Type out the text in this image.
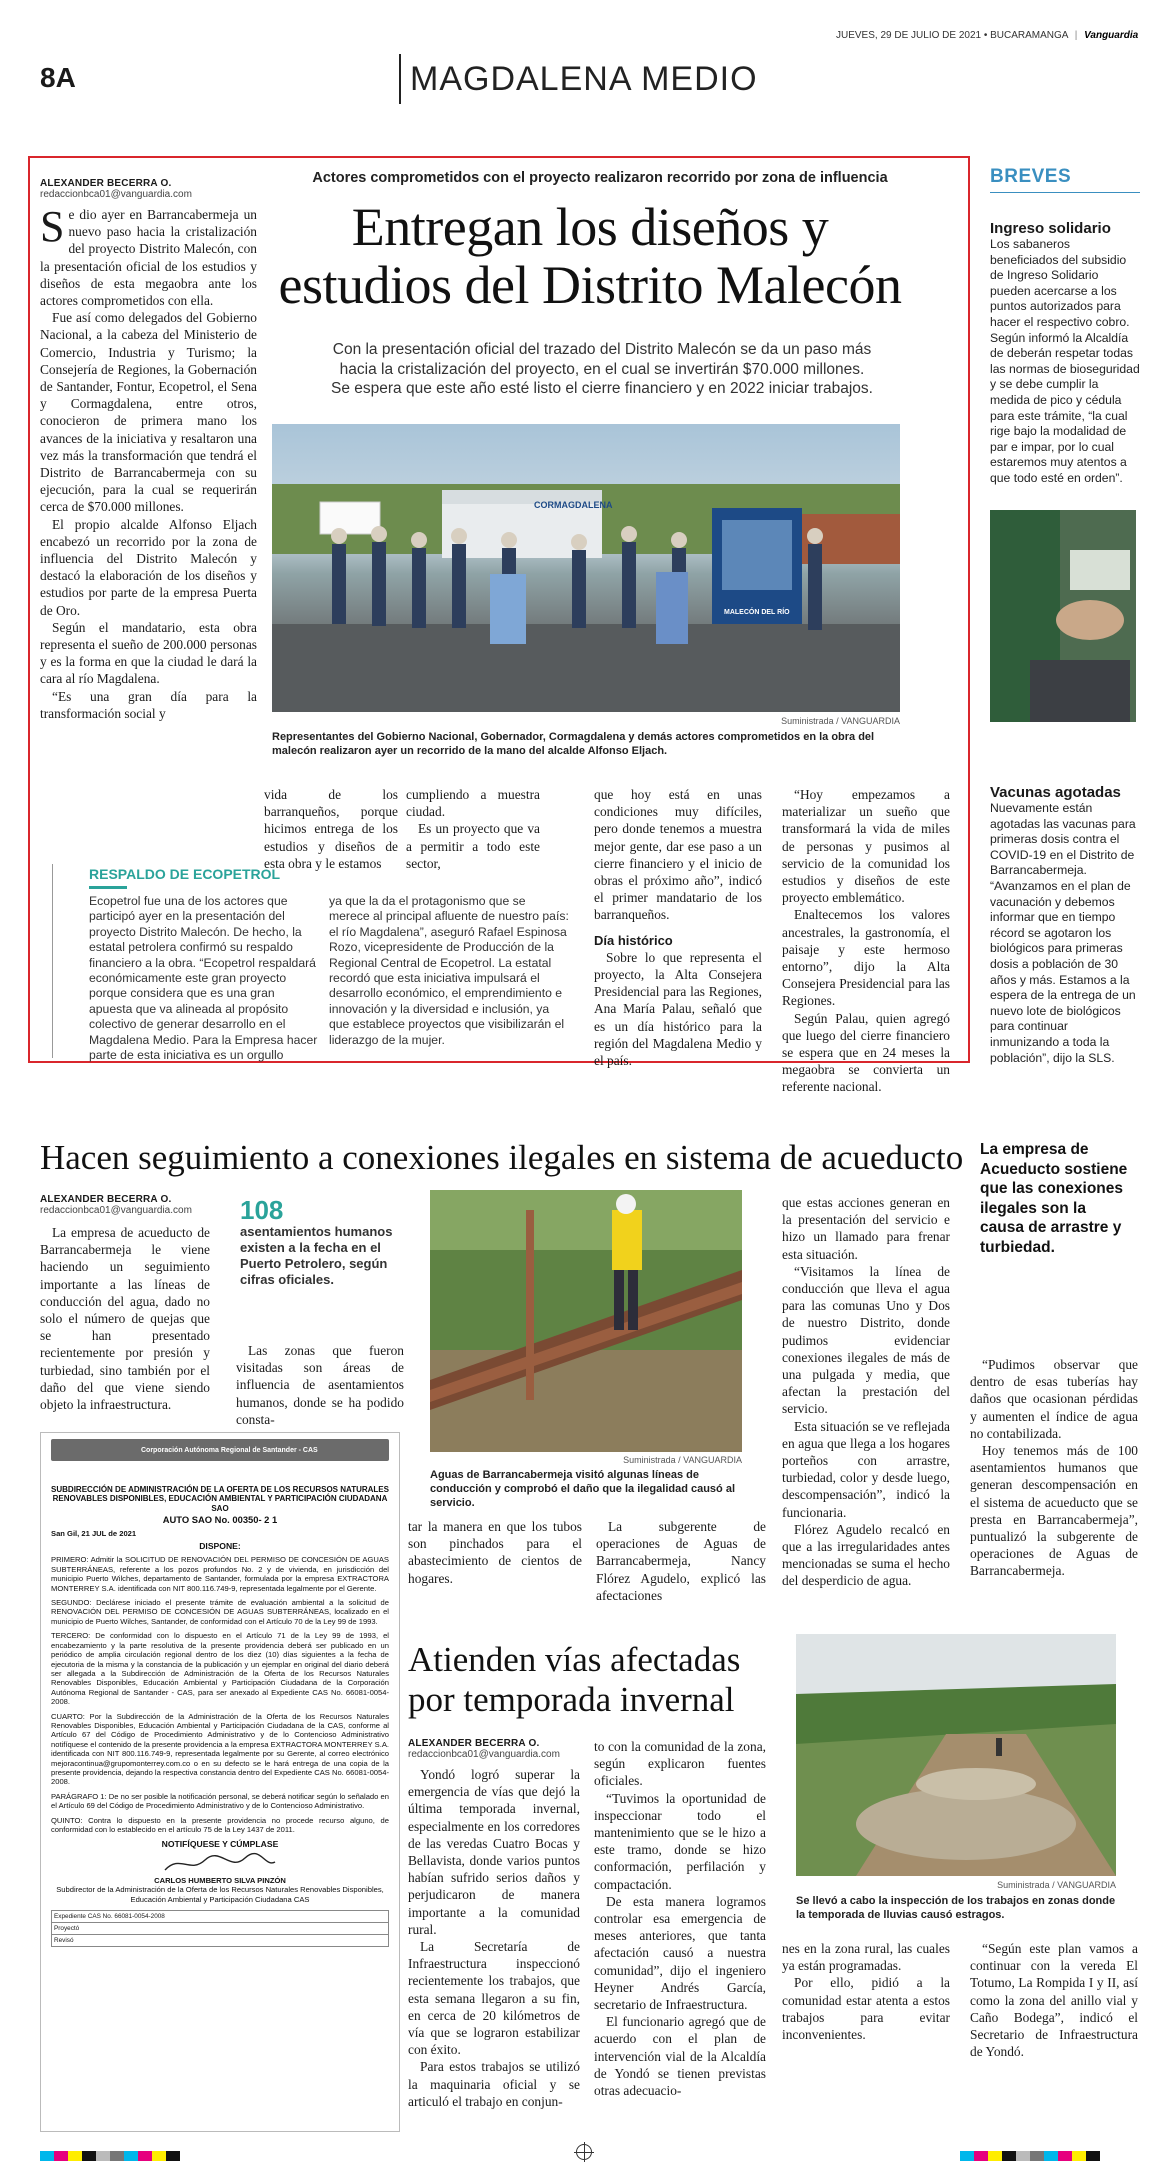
JUEVES, 29 DE JULIO DE 2021 • BUCARAMANGA | Vanguardia
8A	MAGDALENA MEDIO
ALEXANDER BECERRA O.
redaccionbca01@vanguardia.com
Actores comprometidos con el proyecto realizaron recorrido por zona de influencia
Entregan los diseños y
estudios del Distrito Malecón
Con la presentación oficial del trazado del Distrito Malecón se da un paso más
hacia la cristalización del proyecto, en el cual se invertirán $70.000 millones.
Se espera que este año esté listo el cierre financiero y en 2022 iniciar trabajos.
CORMAGDALENA
MALECÓN DEL RÍO
Suministrada / VANGUARDIA
Representantes del Gobierno Nacional, Gobernador, Cormagdalena y demás actores comprometidos en la obra del malecón realizaron ayer un recorrido de la mano del alcalde Alfonso Eljach.

Se dio ayer en Barrancabermeja un nuevo paso hacia la cristalización del proyecto Distrito Malecón, con la presentación oficial de los estudios y diseños de esta megaobra ante los actores comprometidos con ella.

Fue así como delegados del Gobierno Nacional, a la cabeza del Ministerio de Comercio, Industria y Turismo; la Consejería de Regiones, la Gobernación de Santander, Fontur, Ecopetrol, el Sena y Cormagdalena, entre otros, conocieron de primera mano los avances de la iniciativa y resaltaron una vez más la transformación que tendrá el Distrito de Barrancabermeja con su ejecución, para la cual se requerirán cerca de $70.000 millones.

El propio alcalde Alfonso Eljach encabezó un recorrido por la zona de influencia del Distrito Malecón y destacó la elaboración de los diseños y estudios por parte de la empresa Puerta de Oro.

Según el mandatario, esta obra representa el sueño de 200.000 personas y es la forma en que la ciudad le dará la cara al río Magdalena.

“Es una gran día para la transformación social y

vida de los barranqueños, porque hicimos entrega de los estudios y diseños de esta obra y le estamos

cumpliendo a muestra ciudad.

Es un proyecto que va a permitir a todo este sector,

que hoy está en unas condiciones muy difíciles, pero donde tenemos a muestra mejor gente, dar ese paso a un cierre financiero y el inicio de obras el próximo año”, indicó el primer mandatario de los barranqueños.

Día histórico

Sobre lo que representa el proyecto, la Alta Consejera Presidencial para las Regiones, Ana María Palau, señaló que es un día histórico para la región del Magdalena Medio y el país.

“Hoy empezamos a materializar un sueño que transformará la vida de miles de personas y pusimos al servicio de la comunidad los estudios y diseños de este proyecto emblemático.

Enaltecemos los valores ancestrales, la gastronomía, el paisaje y este hermoso entorno”, dijo la Alta Consejera Presidencial para las Regiones.

Según Palau, quien agregó que luego del cierre financiero se espera que en 24 meses la megaobra se convierta un referente nacional.

RESPALDO DE ECOPETROL
Ecopetrol fue una de los actores que participó ayer en la presentación del proyecto Distrito Malecón. De hecho, la estatal petrolera confirmó su respaldo financiero a la obra. “Ecopetrol respaldará económicamente este gran proyecto porque considera que es una gran apuesta que va alineada al propósito colectivo de generar desarrollo en el Magdalena Medio. Para la Empresa hacer parte de esta iniciativa es un orgullo
ya que la da el protagonismo que se merece al principal afluente de nuestro país: el río Magdalena”, aseguró Rafael Espinosa Rozo, vicepresidente de Producción de la Regional Central de Ecopetrol. La estatal recordó que esta iniciativa impulsará el desarrollo económico, el emprendimiento e innovación y la diversidad e inclusión, ya que establece proyectos que visibilizarán el liderazgo de la mujer.
BREVES
Ingreso solidario
Los sabaneros beneficiados del subsidio de Ingreso Solidario pueden acercarse a los puntos autorizados para hacer el respectivo cobro. Según informó la Alcaldía de deberán respetar todas las normas de bioseguridad y se debe cumplir la medida de pico y cédula para este trámite, “la cual rige bajo la modalidad de par e impar, por lo cual estaremos muy atentos a que todo esté en orden”.
Vacunas agotadas
Nuevamente están agotadas las vacunas para primeras dosis contra el COVID-19 en el Distrito de Barrancabermeja. “Avanzamos en el plan de vacunación y debemos informar que en tiempo récord se agotaron los biológicos para primeras dosis a población de 30 años y más. Estamos a la espera de la entrega de un nuevo lote de biológicos para continuar inmunizando a toda la población”, dijo la SLS.
Hacen seguimiento a conexiones ilegales en sistema de acueducto	La empresa de Acueducto sostiene que las conexiones ilegales son la causa de arrastre y turbiedad.
ALEXANDER BECERRA O.
redaccionbca01@vanguardia.com

La empresa de acueducto de Barrancabermeja le viene haciendo un seguimiento importante a las líneas de conducción del agua, dado no solo el número de quejas que se han presentado recientemente por presión y turbiedad, sino también por el daño del que viene siendo objeto la infraestructura.

108
asentamientos humanos existen a la fecha en el Puerto Petrolero, según cifras oficiales.

Las zonas que fueron visitadas son áreas de influencia de asentamientos humanos, donde se ha podido consta-

Suministrada / VANGUARDIA
Aguas de Barrancabermeja visitó algunas líneas de conducción y comprobó el daño que la ilegalidad causó al servicio.

tar la manera en que los tubos son pinchados para el abastecimiento de cientos de hogares.

La subgerente de operaciones de Aguas de Barrancabermeja, Nancy Flórez Agudelo, explicó las afectaciones

que estas acciones generan en la presentación del servicio e hizo un llamado para frenar esta situación.

“Visitamos la línea de conducción que lleva el agua para las comunas Uno y Dos de nuestro Distrito, donde pudimos evidenciar conexiones ilegales de más de una pulgada y media, que afectan la prestación del servicio.

Esta situación se ve reflejada en agua que llega a los hogares porteños con arrastre, turbiedad, color y desde luego, descompensación”, indicó la funcionaria.

Flórez Agudelo recalcó en que a las irregularidades antes mencionadas se suma el hecho del desperdicio de agua.

“Pudimos observar que dentro de esas tuberías hay daños que ocasionan pérdidas y aumenten el índice de agua no contabilizada.

Hoy tenemos más de 100 asentamientos humanos que generan descompensación en el sistema de acueducto que se presta en Barrancabermeja”, puntualizó la subgerente de operaciones de Aguas de Barrancabermeja.

Corporación Autónoma Regional de Santander - CAS
SUBDIRECCIÓN DE ADMINISTRACIÓN DE LA OFERTA DE LOS RECURSOS NATURALES RENOVABLES DISPONIBLES, EDUCACIÓN AMBIENTAL Y PARTICIPACIÓN CIUDADANA SAO
AUTO SAO No. 00350- 2 1
San Gil, 21 JUL de 2021
DISPONE:

PRIMERO: Admitir la SOLICITUD DE RENOVACIÓN DEL PERMISO DE CONCESIÓN DE AGUAS SUBTERRÁNEAS, referente a los pozos profundos No. 2 y de vivienda, en jurisdicción del municipio Puerto Wilches, departamento de Santander, formulada por la empresa EXTRACTORA MONTERREY S.A. identificada con NIT 800.116.749-9, representada legalmente por el Gerente.

SEGUNDO: Declárese iniciado el presente trámite de evaluación ambiental a la solicitud de RENOVACIÓN DEL PERMISO DE CONCESIÓN DE AGUAS SUBTERRÁNEAS, localizado en el municipio de Puerto Wilches, Santander, de conformidad con el Artículo 70 de la Ley 99 de 1993.

TERCERO: De conformidad con lo dispuesto en el Artículo 71 de la Ley 99 de 1993, el encabezamiento y la parte resolutiva de la presente providencia deberá ser publicado en un periódico de amplia circulación regional dentro de los diez (10) días siguientes a la fecha de ejecutoria de la misma y la constancia de la publicación y un ejemplar en original del diario deberá ser allegada a la Subdirección de Administración de la Oferta de los Recursos Naturales Renovables Disponibles, Educación Ambiental y Participación Ciudadana de la Corporación Autónoma Regional de Santander - CAS, para ser anexado al Expediente CAS No. 66081-0054-2008.

CUARTO: Por la Subdirección de la Administración de la Oferta de los Recursos Naturales Renovables Disponibles, Educación Ambiental y Participación Ciudadana de la CAS, conforme al Artículo 67 del Código de Procedimiento Administrativo y de lo Contencioso Administrativo notifíquese el contenido de la presente providencia a la empresa EXTRACTORA MONTERREY S.A. identificada con NIT 800.116.749-9, representada legalmente por su Gerente, al correo electrónico mejoracontinua@grupomonterrey.com.co o en su defecto se le hará entrega de una copia de la presente providencia, dejando la respectiva constancia dentro del Expediente CAS No. 66081-0054-2008.

PARÁGRAFO 1: De no ser posible la notificación personal, se deberá notificar según lo señalado en el Artículo 69 del Código de Procedimiento Administrativo y de lo Contencioso Administrativo.

QUINTO: Contra lo dispuesto en la presente providencia no procede recurso alguno, de conformidad con lo establecido en el artículo 75 de la Ley 1437 de 2011.

NOTIFÍQUESE Y CÚMPLASE
CARLOS HUMBERTO SILVA PINZÓN
Subdirector de la Administración de la Oferta de los Recursos Naturales Renovables Disponibles, Educación Ambiental y Participación Ciudadana CAS
Expediente CAS No. 66081-0054-2008
Proyectó
Revisó
Atienden vías afectadas
por temporada invernal
ALEXANDER BECERRA O.
redaccionbca01@vanguardia.com

Yondó logró superar la emergencia de vías que dejó la última temporada invernal, especialmente en los corredores de las veredas Cuatro Bocas y Bellavista, donde varios puntos habían sufrido serios daños y perjudicaron de manera importante a la comunidad rural.

La Secretaría de Infraestructura inspeccionó recientemente los trabajos, que esta semana llegaron a su fin, en cerca de 20 kilómetros de vía que se lograron estabilizar con éxito.

Para estos trabajos se utilizó la maquinaria oficial y se articuló el trabajo en conjun-

to con la comunidad de la zona, según explicaron fuentes oficiales.

“Tuvimos la oportunidad de inspeccionar todo el mantenimiento que se le hizo a este tramo, donde se hizo conformación, perfilación y compactación.

De esta manera logramos controlar esa emergencia de meses anteriores, que tanta afectación causó a nuestra comunidad”, dijo el ingeniero Heyner Andrés García, secretario de Infraestructura.

El funcionario agregó que de acuerdo con el plan de intervención vial de la Alcaldía de Yondó se tienen previstas otras adecuacio-

Suministrada / VANGUARDIA
Se llevó a cabo la inspección de los trabajos en zonas donde la temporada de lluvias causó estragos.

nes en la zona rural, las cuales ya están programadas.

Por ello, pidió a la comunidad estar atenta a estos trabajos para evitar inconvenientes.

“Según este plan vamos a continuar con la vereda El Totumo, La Rompida I y II, así como la zona del anillo vial y Caño Bodega”, indicó el Secretario de Infraestructura de Yondó.
